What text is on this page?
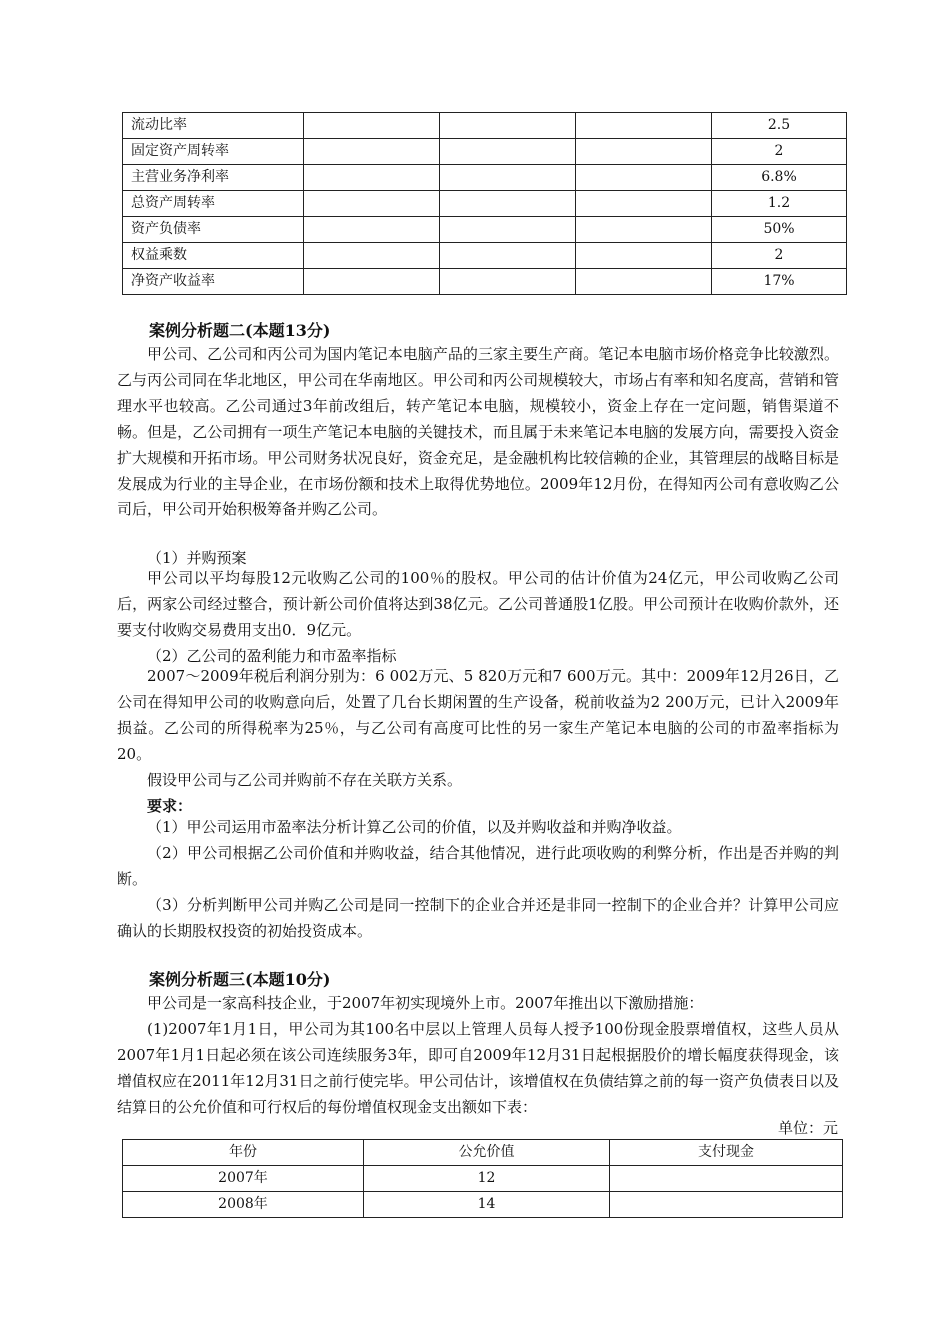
流动比率				2.5
固定资产周转率				2
主营业务净利率				6.8%
总资产周转率				1.2
资产负债率				50%
权益乘数				2
净资产收益率				17%
案例分析题二(本题13分)
甲公司、乙公司和丙公司为国内笔记本电脑产品的三家主要生产商。笔记本电脑市场价格竞争比较激烈。乙与丙公司同在华北地区，甲公司在华南地区。甲公司和丙公司规模较大，市场占有率和知名度高，营销和管理水平也较高。乙公司通过3年前改组后，转产笔记本电脑，规模较小，资金上存在一定问题，销售渠道不畅。但是，乙公司拥有一项生产笔记本电脑的关键技术，而且属于未来笔记本电脑的发展方向，需要投入资金扩大规模和开拓市场。甲公司财务状况良好，资金充足，是金融机构比较信赖的企业，其管理层的战略目标是发展成为行业的主导企业，在市场份额和技术上取得优势地位。2009年12月份，在得知丙公司有意收购乙公司后，甲公司开始积极筹备并购乙公司。
（1）并购预案
甲公司以平均每股12元收购乙公司的100％的股权。甲公司的估计价值为24亿元，甲公司收购乙公司后，两家公司经过整合，预计新公司价值将达到38亿元。乙公司普通股1亿股。甲公司预计在收购价款外，还要支付收购交易费用支出0．9亿元。
（2）乙公司的盈利能力和市盈率指标
2007～2009年税后利润分别为：6 002万元、5 820万元和7 600万元。其中：2009年12月26日，乙公司在得知甲公司的收购意向后，处置了几台长期闲置的生产设备，税前收益为2 200万元，已计入2009年损益。乙公司的所得税率为25％，与乙公司有高度可比性的另一家生产笔记本电脑的公司的市盈率指标为20。
假设甲公司与乙公司并购前不存在关联方关系。
要求：
（1）甲公司运用市盈率法分析计算乙公司的价值，以及并购收益和并购净收益。
（2）甲公司根据乙公司价值和并购收益，结合其他情况，进行此项收购的利弊分析，作出是否并购的判断。
（3）分析判断甲公司并购乙公司是同一控制下的企业合并还是非同一控制下的企业合并？计算甲公司应确认的长期股权投资的初始投资成本。
案例分析题三(本题10分)
甲公司是一家高科技企业，于2007年初实现境外上市。2007年推出以下激励措施：
(1)2007年1月1日，甲公司为其100名中层以上管理人员每人授予100份现金股票增值权，这些人员从2007年1月1日起必须在该公司连续服务3年，即可自2009年12月31日起根据股价的增长幅度获得现金，该增值权应在2011年12月31日之前行使完毕。甲公司估计，该增值权在负债结算之前的每一资产负债表日以及结算日的公允价值和可行权后的每份增值权现金支出额如下表：
单位：元
年份	公允价值	支付现金
2007年	12	
2008年	14	
